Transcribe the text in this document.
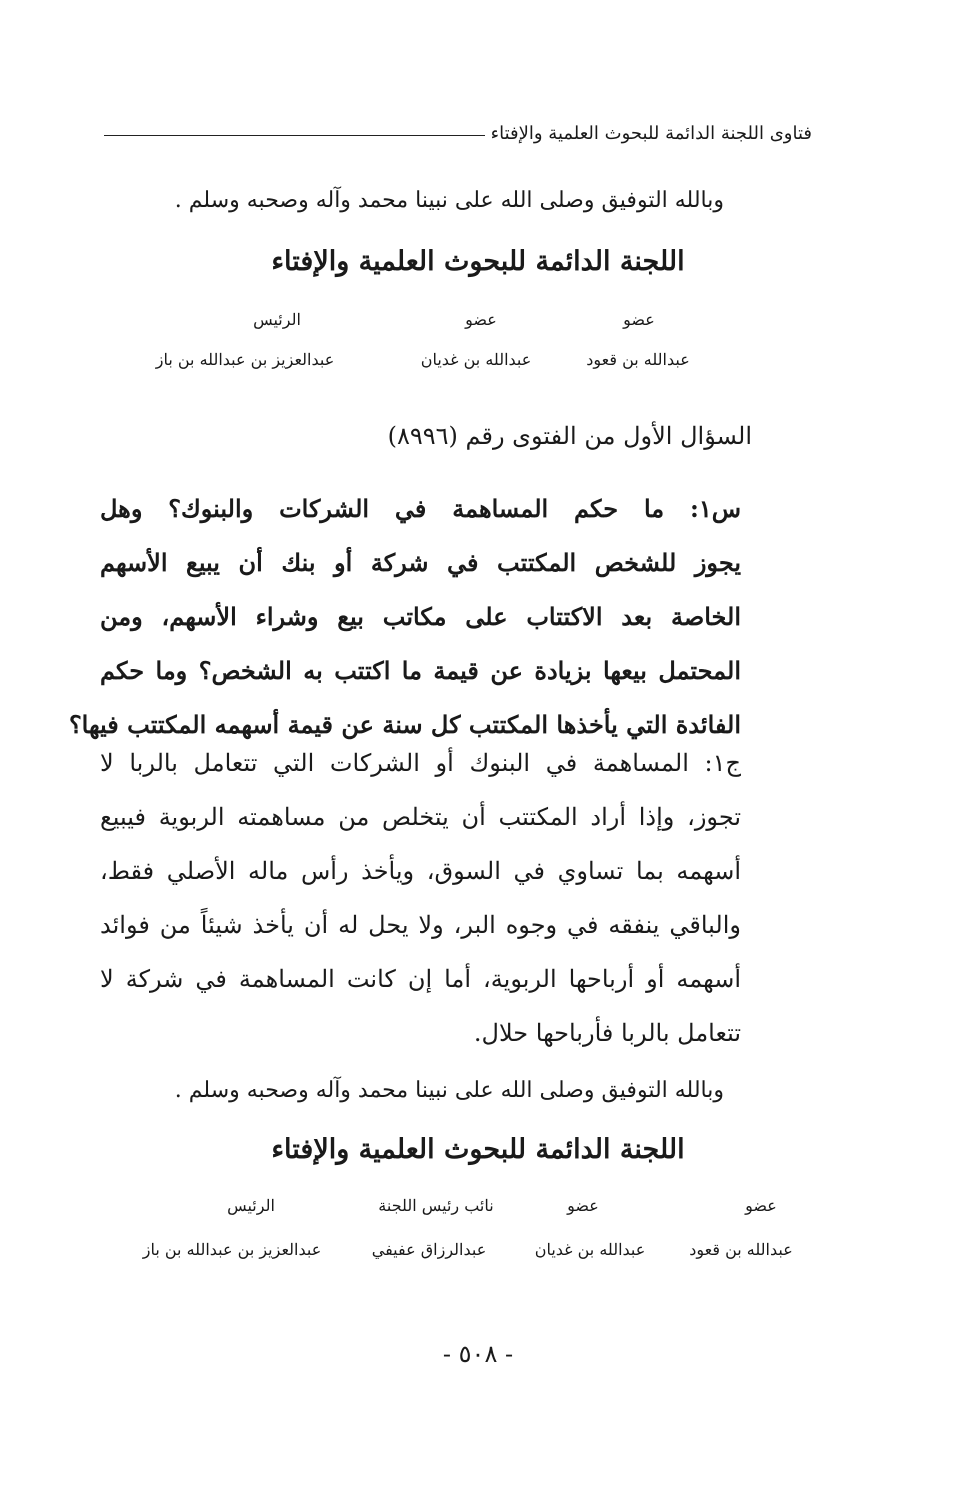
فتاوى اللجنة الدائمة للبحوث العلمية والإفتاء
وبالله التوفيق وصلى الله على نبينا محمد وآله وصحبه وسلم .
اللجنة الدائمة للبحوث العلمية والإفتاء
عضو
عضو
الرئيس
عبدالله بن قعود
عبدالله بن غديان
عبدالعزيز بن عبدالله بن باز
السؤال الأول من الفتوى رقم (٨٩٩٦)
س١: ما حكم المساهمة في الشركات والبنوك؟ وهل
يجوز للشخص المكتتب في شركة أو بنك أن يبيع الأسهم
الخاصة بعد الاكتتاب على مكاتب بيع وشراء الأسهم، ومن
المحتمل بيعها بزيادة عن قيمة ما اكتتب به الشخص؟ وما حكم
الفائدة التي يأخذها المكتتب كل سنة عن قيمة أسهمه المكتتب فيها؟
ج١: المساهمة في البنوك أو الشركات التي تتعامل بالربا لا
تجوز، وإذا أراد المكتتب أن يتخلص من مساهمته الربوية فيبيع
أسهمه بما تساوي في السوق، ويأخذ رأس ماله الأصلي فقط،
والباقي ينفقه في وجوه البر، ولا يحل له أن يأخذ شيئاً من فوائد
أسهمه أو أرباحها الربوية، أما إن كانت المساهمة في شركة لا
تتعامل بالربا فأرباحها حلال.
وبالله التوفيق وصلى الله على نبينا محمد وآله وصحبه وسلم .
اللجنة الدائمة للبحوث العلمية والإفتاء
عضو
عضو
نائب رئيس اللجنة
الرئيس
عبدالله بن قعود
عبدالله بن غديان
عبدالرزاق عفيفي
عبدالعزيز بن عبدالله بن باز
- ٥٠٨ -
